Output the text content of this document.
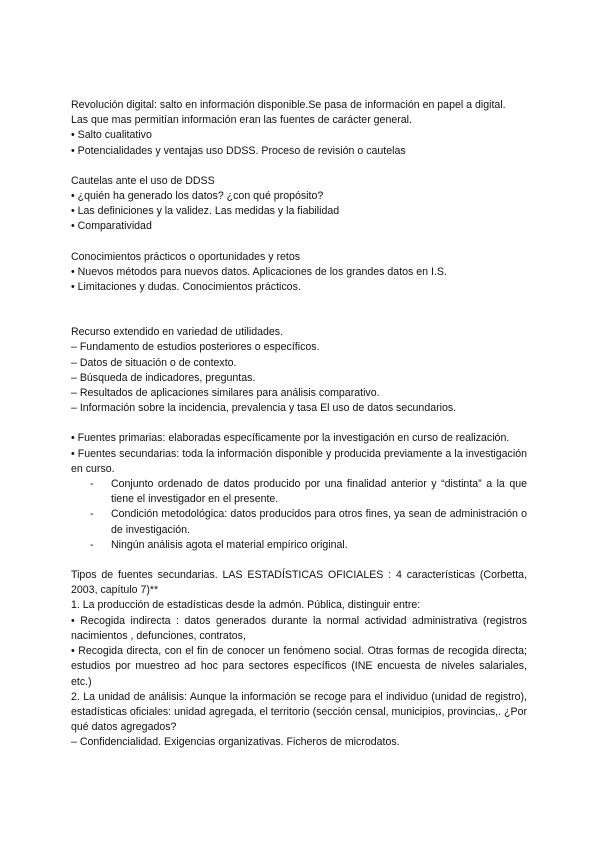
Revolución digital: salto en información disponible.Se pasa de información en papel a digital.

Las que mas permitían información eran las fuentes de carácter general.

• Salto cualitativo

• Potencialidades y ventajas uso DDSS. Proceso de revisión o cautelas

Cautelas ante el uso de DDSS

• ¿quién ha generado los datos? ¿con qué propósito?

• Las definiciones y la validez. Las medidas y la fiabilidad

• Comparatividad

Conocimientos prácticos o oportunidades y retos

• Nuevos métodos para nuevos datos. Aplicaciones de los grandes datos en I.S.

• Limitaciones y dudas. Conocimientos prácticos.

Recurso extendido en variedad de utilidades.

– Fundamento de estudios posteriores o específicos.

– Datos de situación o de contexto.

– Búsqueda de indicadores, preguntas.

– Resultados de aplicaciones similares para análisis comparativo.

– Información sobre la incidencia, prevalencia y tasa El uso de datos secundarios.

• Fuentes primarias: elaboradas específicamente por la investigación en curso de realización.

• Fuentes secundarias: toda la información disponible y producida previamente a la investigación en curso.

-	Conjunto ordenado de datos producido por una finalidad anterior y “distinta” a la que tiene el investigador en el presente.
-	Condición metodológica: datos producidos para otros fines, ya sean de administración o de investigación.
-	Ningún análisis agota el material empírico original.

Tipos de fuentes secundarias. LAS ESTADÍSTICAS OFICIALES : 4 características (Corbetta, 2003, capítulo 7)**

1. La producción de estadísticas desde la admón. Pública, distinguir entre:

• Recogida indirecta : datos generados durante la normal actividad administrativa (registros nacimientos , defunciones, contratos,

• Recogida directa, con el fin de conocer un fenómeno social. Otras formas de recogida directa; estudios por muestreo ad hoc para sectores específicos (INE encuesta de niveles salariales, etc.)

2. La unidad de análisis: Aunque la información se recoge para el individuo (unidad de registro), estadísticas oficiales: unidad agregada, el territorio (sección censal, municipios, provincias,. ¿Por qué datos agregados?

– Confidencialidad. Exigencias organizativas. Ficheros de microdatos.
